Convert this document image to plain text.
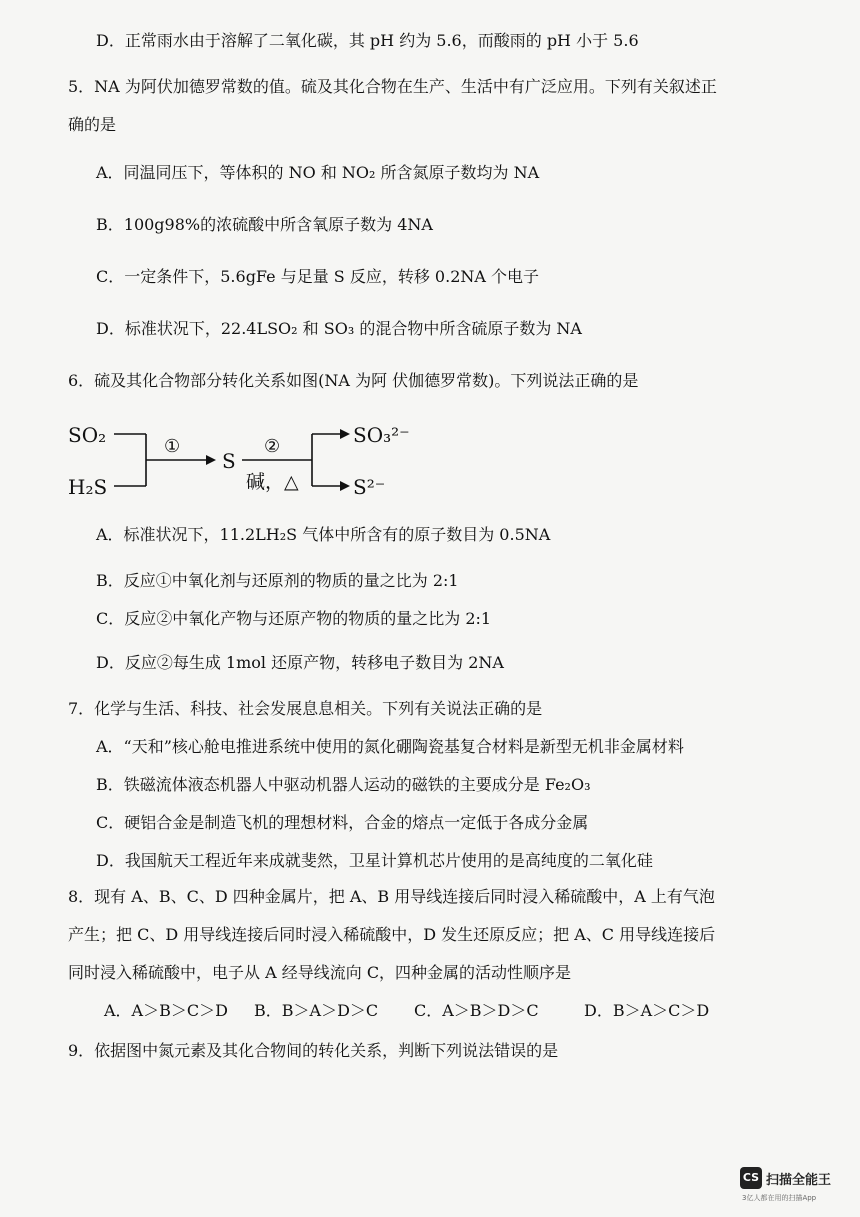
D．正常雨水由于溶解了二氧化碳，其 pH 约为 5.6，而酸雨的 pH 小于 5.6
5．NA 为阿伏加德罗常数的值。硫及其化合物在生产、生活中有广泛应用。下列有关叙述正
确的是
A．同温同压下，等体积的 NO 和 NO₂ 所含氮原子数均为 NA
B．100g98%的浓硫酸中所含氧原子数为 4NA
C．一定条件下，5.6gFe 与足量 S 反应，转移 0.2NA 个电子
D．标准状况下，22.4LSO₂ 和 SO₃ 的混合物中所含硫原子数为 NA
6．硫及其化合物部分转化关系如图(NA 为阿 伏伽德罗常数)。下列说法正确的是
SO₂
H₂S
①
S
②
碱，△
SO₃²⁻
S²⁻
A．标准状况下，11.2LH₂S 气体中所含有的原子数目为 0.5NA
B．反应①中氧化剂与还原剂的物质的量之比为 2:1
C．反应②中氧化产物与还原产物的物质的量之比为 2:1
D．反应②每生成 1mol 还原产物，转移电子数目为 2NA
7．化学与生活、科技、社会发展息息相关。下列有关说法正确的是
A．“天和”核心舱电推进系统中使用的氮化硼陶瓷基复合材料是新型无机非金属材料
B．铁磁流体液态机器人中驱动机器人运动的磁铁的主要成分是 Fe₂O₃
C．硬铝合金是制造飞机的理想材料，合金的熔点一定低于各成分金属
D．我国航天工程近年来成就斐然，卫星计算机芯片使用的是高纯度的二氧化硅
8．现有 A、B、C、D 四种金属片，把 A、B 用导线连接后同时浸入稀硫酸中，A 上有气泡
产生；把 C、D 用导线连接后同时浸入稀硫酸中，D 发生还原反应；把 A、C 用导线连接后
同时浸入稀硫酸中，电子从 A 经导线流向 C，四种金属的活动性顺序是
A．A＞B＞C＞D B．B＞A＞D＞C C．A＞B＞D＞C	D．B＞A＞C＞D
9．依据图中氮元素及其化合物间的转化关系，判断下列说法错误的是
CS 扫描全能王
3亿人都在用的扫描App
